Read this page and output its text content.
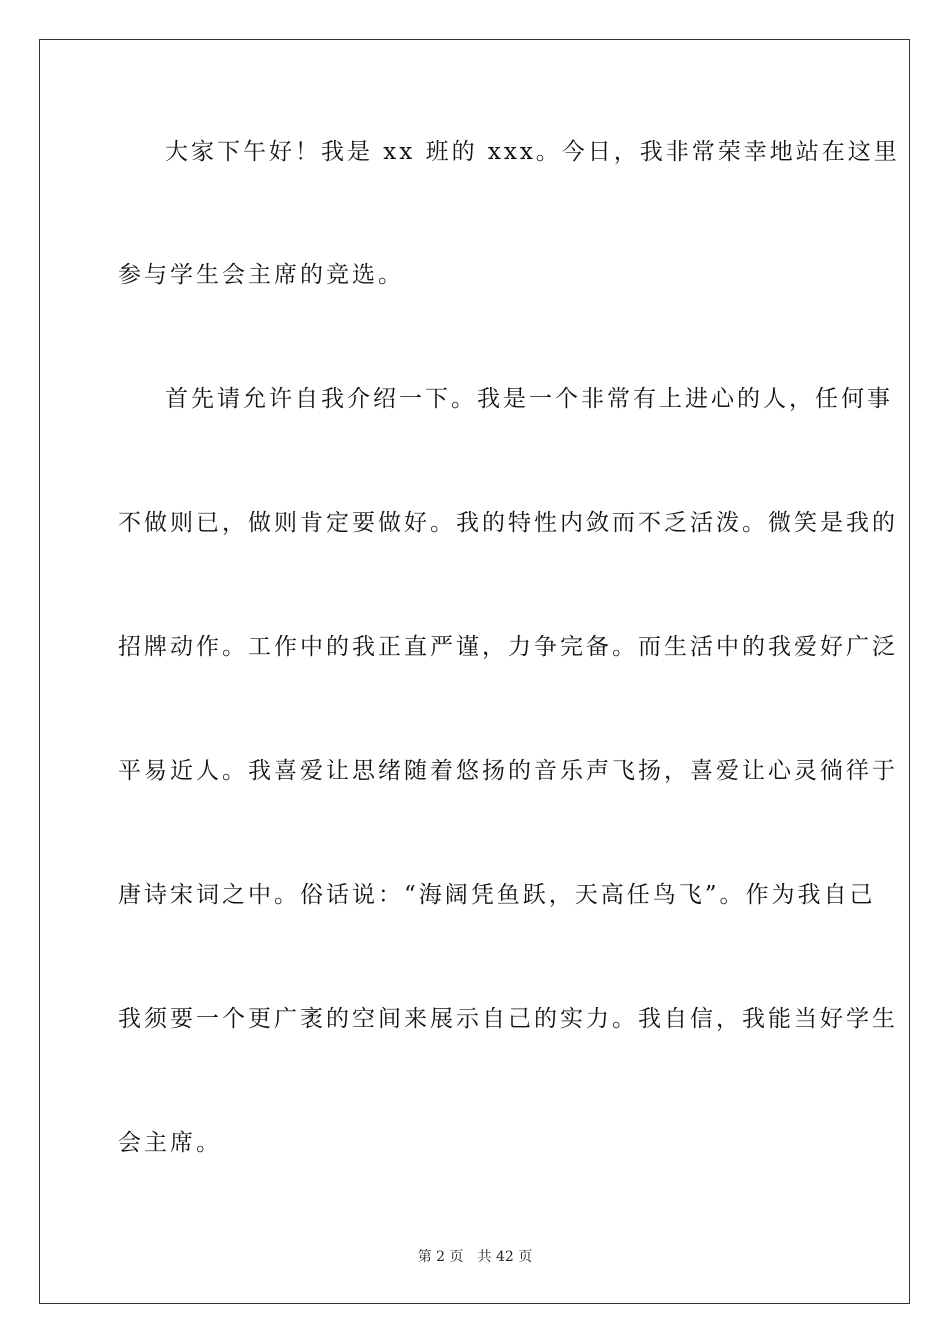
大家下午好！我是 xx 班的 xxx。今日，我非常荣幸地站在这里
参与学生会主席的竞选。
首先请允许自我介绍一下。我是一个非常有上进心的人，任何事
不做则已，做则肯定要做好。我的特性内敛而不乏活泼。微笑是我的
招牌动作。工作中的我正直严谨，力争完备。而生活中的我爱好广泛
平易近人。我喜爱让思绪随着悠扬的音乐声飞扬，喜爱让心灵徜徉于
唐诗宋词之中。俗话说：“海阔凭鱼跃，天高任鸟飞”。作为我自己
我须要一个更广袤的空间来展示自己的实力。我自信，我能当好学生
会主席。
第 2 页 共 42 页
